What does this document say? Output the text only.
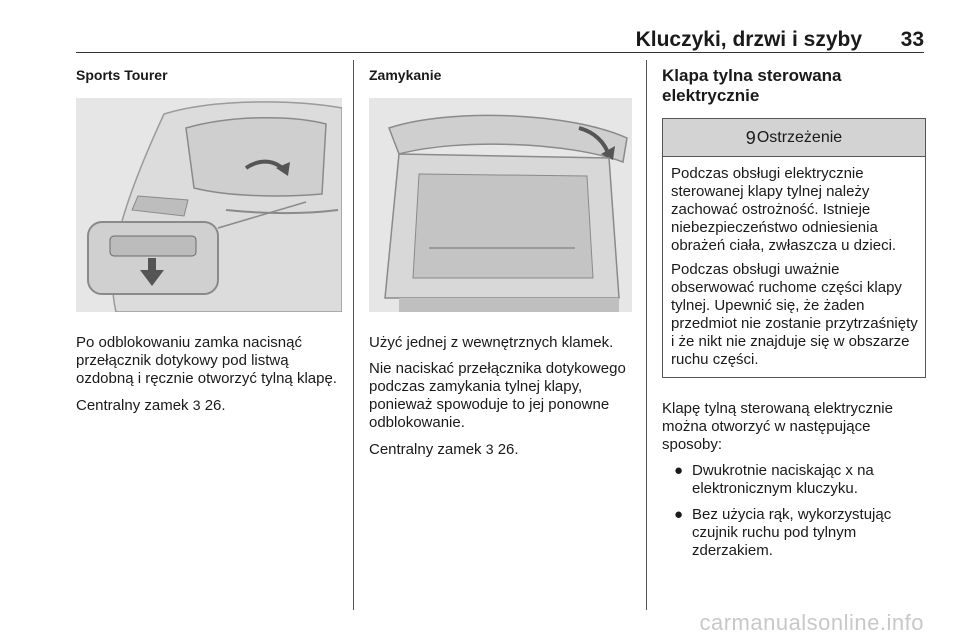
Kluczyki, drzwi i szyby 33
Sports Tourer

Po odblokowaniu zamka nacisnąć przełącznik dotykowy pod listwą ozdobną i ręcznie otworzyć tylną klapę.

Centralny zamek 3 26.

Zamykanie

Użyć jednej z wewnętrznych klamek.

Nie naciskać przełącznika dotykowego podczas zamykania tylnej klapy, ponieważ spowoduje to jej ponowne odblokowanie.

Centralny zamek 3 26.

Klapa tylna sterowana elektrycznie
9 Ostrzeżenie

Podczas obsługi elektrycznie sterowanej klapy tylnej należy zachować ostrożność. Istnieje niebezpieczeństwo odniesienia obrażeń ciała, zwłaszcza u dzieci.

Podczas obsługi uważnie obserwować ruchome części klapy tylnej. Upewnić się, że żaden przedmiot nie zostanie przytrzaśnięty i że nikt nie znajduje się w obszarze ruchu części.

Klapę tylną sterowaną elektrycznie można otworzyć w następujące sposoby:

● Dwukrotnie naciskając x na elektronicznym kluczyku.
● Bez użycia rąk, wykorzystując czujnik ruchu pod tylnym zderzakiem.
carmanualsonline.info
